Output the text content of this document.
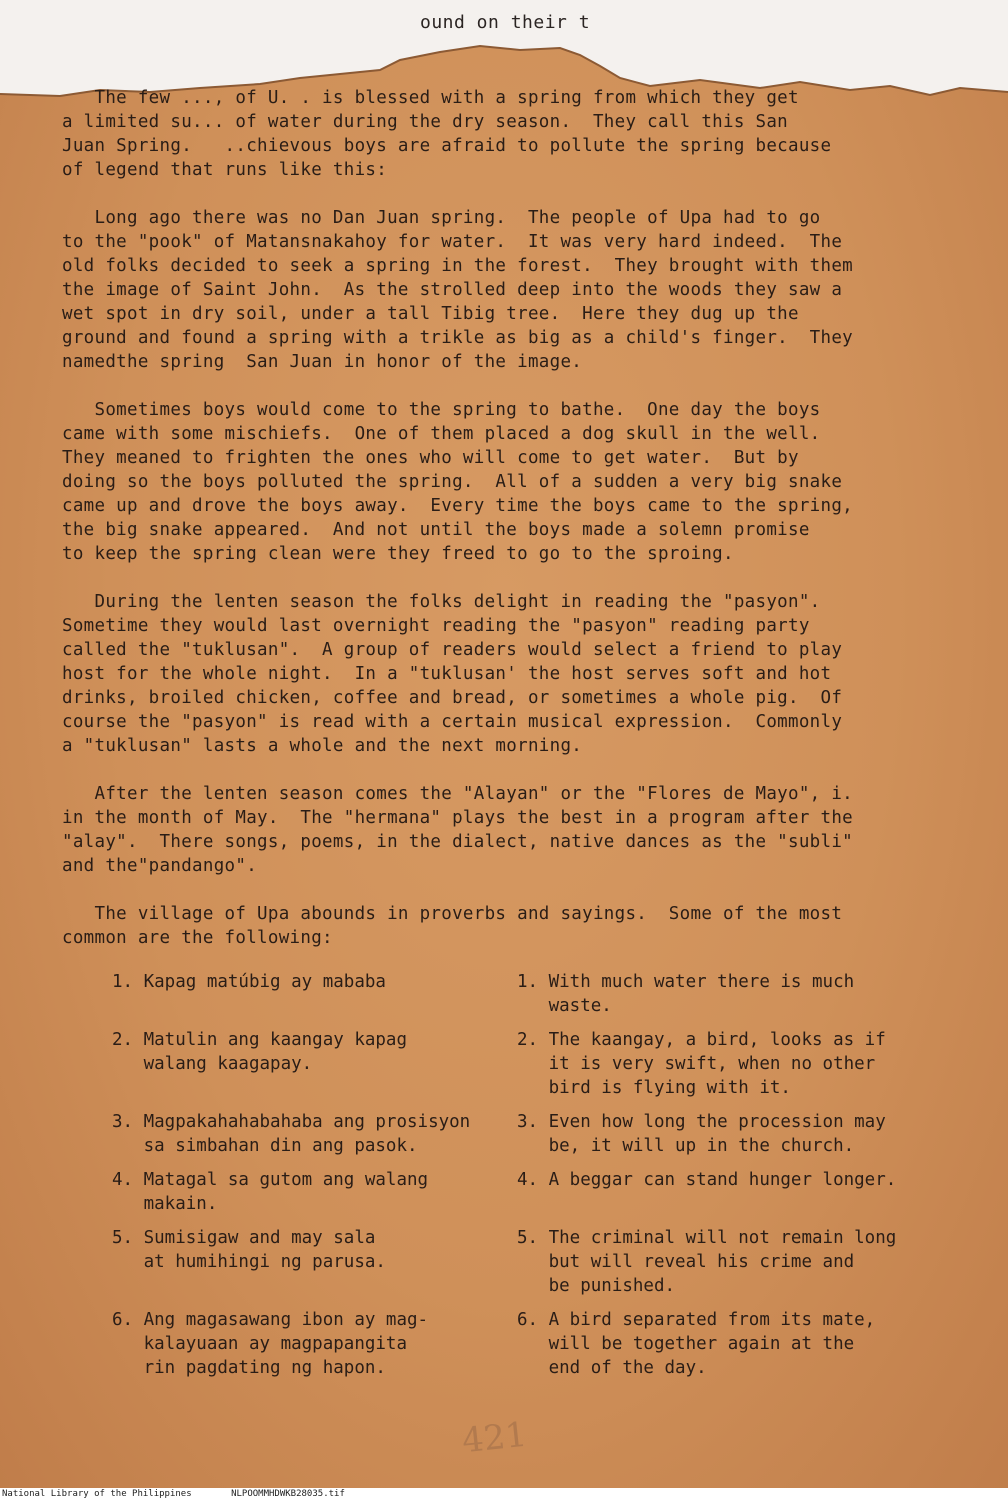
ound on their t
The few ..., of U. . is blessed with a spring from which they get
a limited su... of water during the dry season.  They call this San
Juan Spring.   ..chievous boys are afraid to pollute the spring because
of legend that runs like this:
Long ago there was no Dan Juan spring.  The people of Upa had to go
to the "pook" of Matansnakahoy for water.  It was very hard indeed.  The
old folks decided to seek a spring in the forest.  They brought with them
the image of Saint John.  As the strolled deep into the woods they saw a
wet spot in dry soil, under a tall Tibig tree.  Here they dug up the
ground and found a spring with a trikle as big as a child's finger.  They
namedthe spring  San Juan in honor of the image.
Sometimes boys would come to the spring to bathe.  One day the boys
came with some mischiefs.  One of them placed a dog skull in the well.
They meaned to frighten the ones who will come to get water.  But by
doing so the boys polluted the spring.  All of a sudden a very big snake
came up and drove the boys away.  Every time the boys came to the spring,
the big snake appeared.  And not until the boys made a solemn promise
to keep the spring clean were they freed to go to the sproing.
During the lenten season the folks delight in reading the "pasyon".
Sometime they would last overnight reading the "pasyon" reading party
called the "tuklusan".  A group of readers would select a friend to play
host for the whole night.  In a "tuklusan' the host serves soft and hot
drinks, broiled chicken, coffee and bread, or sometimes a whole pig.  Of
course the "pasyon" is read with a certain musical expression.  Commonly
a "tuklusan" lasts a whole and the next morning.
After the lenten season comes the "Alayan" or the "Flores de Mayo", i.
in the month of May.  The "hermana" plays the best in a program after the
"alay".  There songs, poems, in the dialect, native dances as the "subli"
and the"pandango".
The village of Upa abounds in proverbs and sayings.  Some of the most
common are the following:
1. Kapag matúbig ay mababa	1. With much water there is much
waste.
2. Matulin ang kaangay kapag
walang kaagapay.
2. The kaangay, a bird, looks as if
it is very swift, when no other
bird is flying with it.
3. Magpakahahabahaba ang prosisyon
sa simbahan din ang pasok.
3. Even how long the procession may
be, it will up in the church.
4. Matagal sa gutom ang walang
makain.
4. A beggar can stand hunger longer.
5. Sumisigaw and may sala
at humihingi ng parusa.
5. The criminal will not remain long
but will reveal his crime and
be punished.
6. Ang magasawang ibon ay mag-
kalayuaan ay magpapangita
rin pagdating ng hapon.
6. A bird separated from its mate,
will be together again at the
end of the day.
421
National Library of the Philippines	NLPOOMMHDWKB28035.tif
